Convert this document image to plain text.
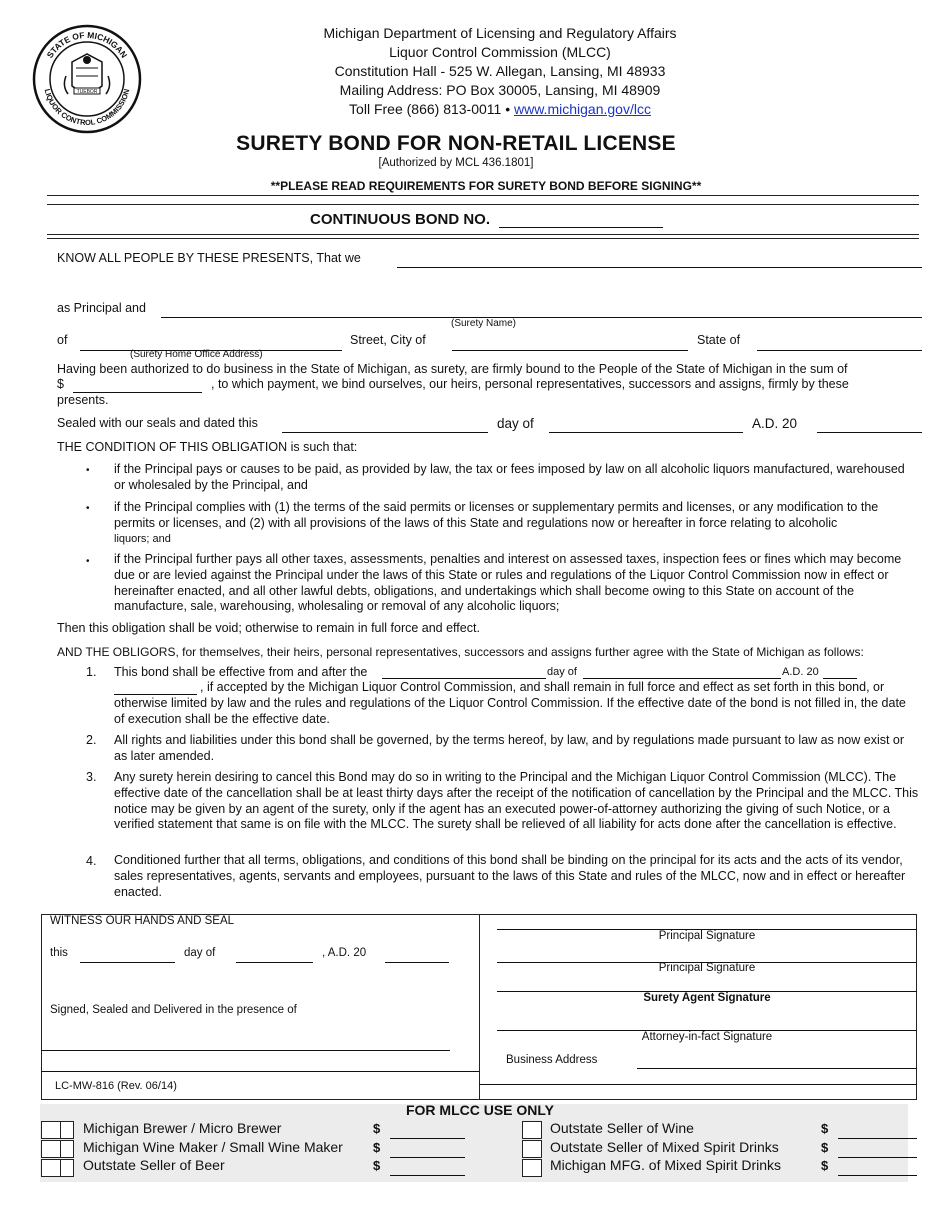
STATE OF MICHIGAN
LIQUOR CONTROL COMMISSION
TUEBOR
Michigan Department of Licensing and Regulatory Affairs
Liquor Control Commission (MLCC)
Constitution Hall - 525 W. Allegan, Lansing, MI 48933
Mailing Address: PO Box 30005, Lansing, MI 48909
Toll Free (866) 813-0011 • www.michigan.gov/lcc
SURETY BOND FOR NON-RETAIL LICENSE
[Authorized by MCL 436.1801]
**PLEASE READ REQUIREMENTS FOR SURETY BOND BEFORE SIGNING**
CONTINUOUS BOND NO.
KNOW ALL PEOPLE BY THESE PRESENTS, That we
as Principal and
(Surety Name)
of
(Surety Home Office Address)
Street, City of	State of
Having been authorized to do business in the State of Michigan, as surety, are firmly bound to the People of the State of Michigan in the sum of
$	, to which payment, we bind ourselves, our heirs, personal representatives, successors and assigns, firmly by these
presents.
Sealed with our seals and dated this	day of	A.D. 20
THE CONDITION OF THIS OBLIGATION is such that:
• if the Principal pays or causes to be paid, as provided by law, the tax or fees imposed by law on all alcoholic liquors manufactured, warehoused or wholesaled by the Principal, and
• if the Principal complies with (1) the terms of the said permits or licenses or supplementary permits and licenses, or any modification to the permits or licenses, and (2) with all provisions of the laws of this State and regulations now or hereafter in force relating to alcoholic
liquors; and
• if the Principal further pays all other taxes, assessments, penalties and interest on assessed taxes, inspection fees or fines which may become due or are levied against the Principal under the laws of this State or rules and regulations of the Liquor Control Commission now in effect or hereinafter enacted, and all other lawful debts, obligations, and undertakings which shall become owing to this State on account of the manufacture, sale, warehousing, wholesaling or removal of any alcoholic liquors;
Then this obligation shall be void; otherwise to remain in full force and effect.
AND THE OBLIGORS, for themselves, their heirs, personal representatives, successors and assigns further agree with the State of Michigan as follows:
1. This bond shall be effective from and after the	day of	A.D. 20
, if accepted by the Michigan Liquor Control Commission, and shall remain in full force and effect as set forth in this bond, or otherwise limited by law and the rules and regulations of the Liquor Control Commission. If the effective date of the bond is not filled in, the date of execution shall be the effective date.
2. All rights and liabilities under this bond shall be governed, by the terms hereof, by law, and by regulations made pursuant to law as now exist or as later amended.
3. Any surety herein desiring to cancel this Bond may do so in writing to the Principal and the Michigan Liquor Control Commission (MLCC). The effective date of the cancellation shall be at least thirty days after the receipt of the notification of cancellation by the Principal and the MLCC. This notice may be given by an agent of the surety, only if the agent has an executed power-of-attorney authorizing the giving of such Notice, or a verified statement that same is on file with the MLCC. The surety shall be relieved of all liability for acts done after the cancellation is effective.
4. Conditioned further that all terms, obligations, and conditions of this bond shall be binding on the principal for its acts and the acts of its vendor, sales representatives, agents, servants and employees, pursuant to the laws of this State and rules of the MLCC, now and in effect or hereafter enacted.
WITNESS OUR HANDS AND SEAL
this	day of	, A.D. 20
Signed, Sealed and Delivered in the presence of
LC-MW-816 (Rev. 06/14)
Principal Signature
Principal Signature
Surety Agent Signature
Attorney-in-fact Signature
Business Address
FOR MLCC USE ONLY
Michigan Brewer / Micro Brewer	$
Michigan Wine Maker / Small Wine Maker $
Outstate Seller of Beer	$
Outstate Seller of Wine	$
Outstate Seller of Mixed Spirit Drinks	$
Michigan MFG. of Mixed Spirit Drinks	$
